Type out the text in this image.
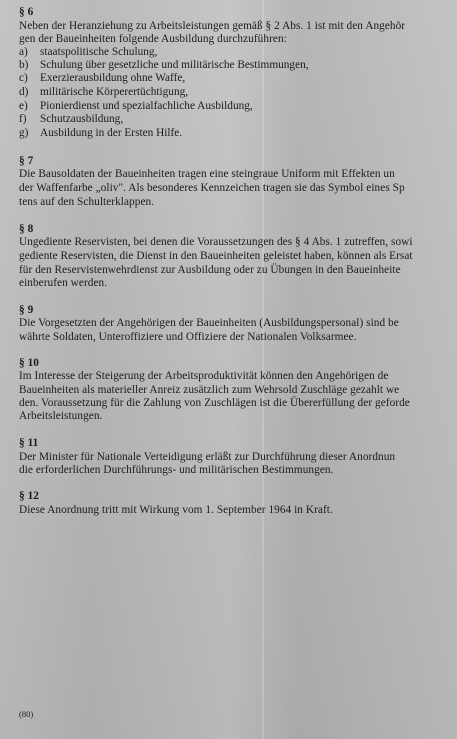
§ 6
Neben der Heranziehung zu Arbeitsleistungen gemäß § 2 Abs. 1 ist mit den Angehör
gen der Baueinheiten folgende Ausbildung durchzuführen:
a) staatspolitische Schulung,
b) Schulung über gesetzliche und militärische Bestimmungen,
c) Exerzierausbildung ohne Waffe,
d) militärische Körperertüchtigung,
e) Pionierdienst und spezialfachliche Ausbildung,
f) Schutzausbildung,
g) Ausbildung in der Ersten Hilfe.
§ 7
Die Bausoldaten der Baueinheiten tragen eine steingraue Uniform mit Effekten un
der Waffenfarbe „oliv". Als besonderes Kennzeichen tragen sie das Symbol eines Sp
tens auf den Schulterklappen.
§ 8
Ungediente Reservisten, bei denen die Voraussetzungen des § 4 Abs. 1 zutreffen, sowi
gediente Reservisten, die Dienst in den Baueinheiten geleistet haben, können als Ersat
für den Reservistenwehrdienst zur Ausbildung oder zu Übungen in den Baueinheite
einberufen werden.
§ 9
Die Vorgesetzten der Angehörigen der Baueinheiten (Ausbildungspersonal) sind be
währte Soldaten, Unteroffiziere und Offiziere der Nationalen Volksarmee.
§ 10
Im Interesse der Steigerung der Arbeitsproduktivität können den Angehörigen de
Baueinheiten als materieller Anreiz zusätzlich zum Wehrsold Zuschläge gezahlt we
den. Voraussetzung für die Zahlung von Zuschlägen ist die Übererfüllung der geforde
Arbeitsleistungen.
§ 11
Der Minister für Nationale Verteidigung erläßt zur Durchführung dieser Anordnun
die erforderlichen Durchführungs- und militärischen Bestimmungen.
§ 12
Diese Anordnung tritt mit Wirkung vom 1. September 1964 in Kraft.
(80)
